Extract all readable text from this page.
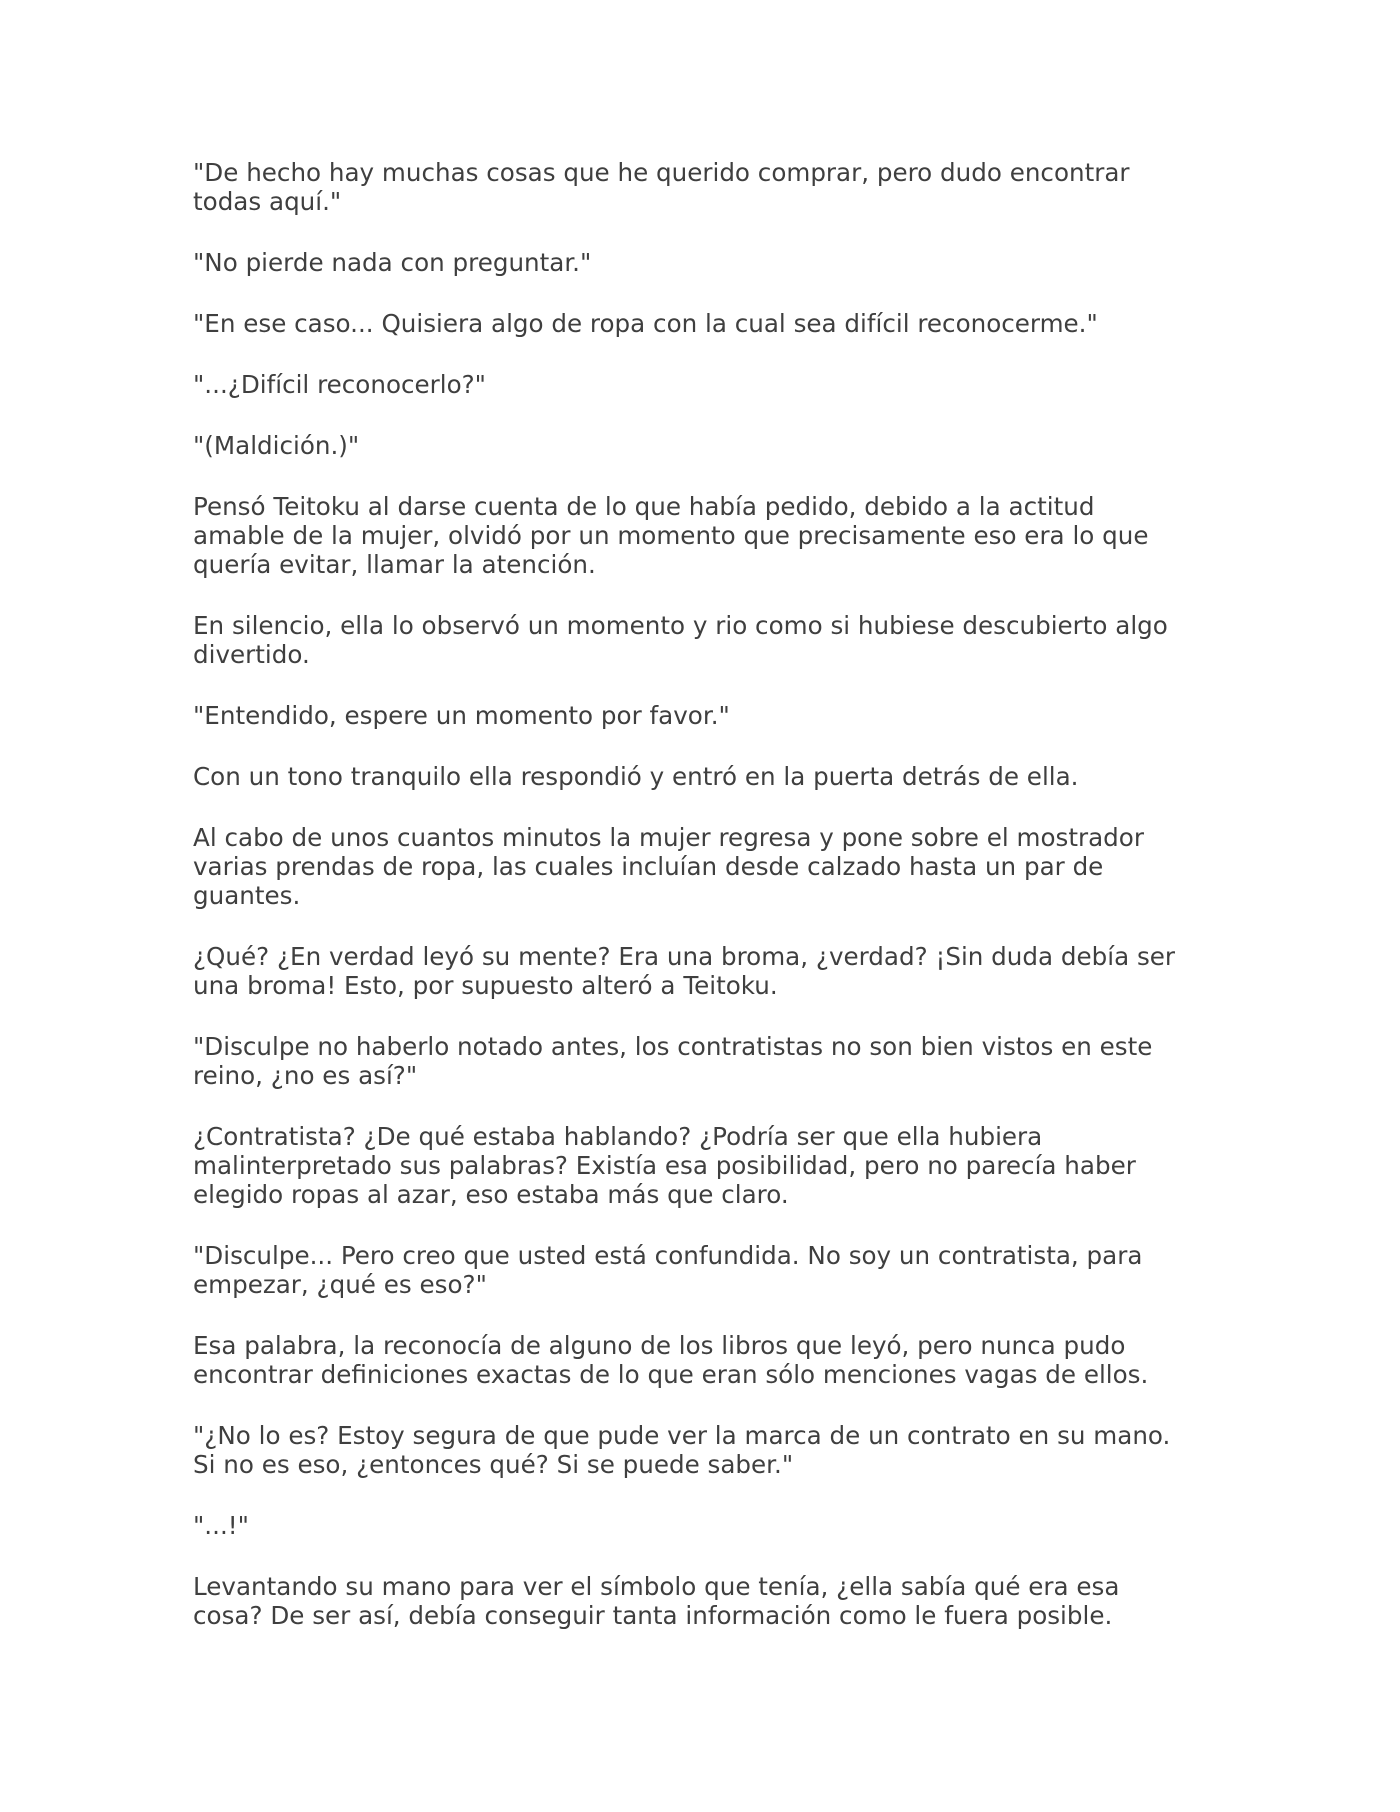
"De hecho hay muchas cosas que he querido comprar, pero dudo encontrar
todas aquí."

"No pierde nada con preguntar."

"En ese caso... Quisiera algo de ropa con la cual sea difícil reconocerme."

"...¿Difícil reconocerlo?"

"(Maldición.)"

Pensó Teitoku al darse cuenta de lo que había pedido, debido a la actitud
amable de la mujer, olvidó por un momento que precisamente eso era lo que
quería evitar, llamar la atención.

En silencio, ella lo observó un momento y rio como si hubiese descubierto algo
divertido.

"Entendido, espere un momento por favor."

Con un tono tranquilo ella respondió y entró en la puerta detrás de ella.

Al cabo de unos cuantos minutos la mujer regresa y pone sobre el mostrador
varias prendas de ropa, las cuales incluían desde calzado hasta un par de
guantes.

¿Qué? ¿En verdad leyó su mente? Era una broma, ¿verdad? ¡Sin duda debía ser
una broma! Esto, por supuesto alteró a Teitoku.

"Disculpe no haberlo notado antes, los contratistas no son bien vistos en este
reino, ¿no es así?"

¿Contratista? ¿De qué estaba hablando? ¿Podría ser que ella hubiera
malinterpretado sus palabras? Existía esa posibilidad, pero no parecía haber
elegido ropas al azar, eso estaba más que claro.

"Disculpe... Pero creo que usted está confundida. No soy un contratista, para
empezar, ¿qué es eso?"

Esa palabra, la reconocía de alguno de los libros que leyó, pero nunca pudo
encontrar definiciones exactas de lo que eran sólo menciones vagas de ellos.

"¿No lo es? Estoy segura de que pude ver la marca de un contrato en su mano.
Si no es eso, ¿entonces qué? Si se puede saber."

"...!"

Levantando su mano para ver el símbolo que tenía, ¿ella sabía qué era esa
cosa? De ser así, debía conseguir tanta información como le fuera posible.
